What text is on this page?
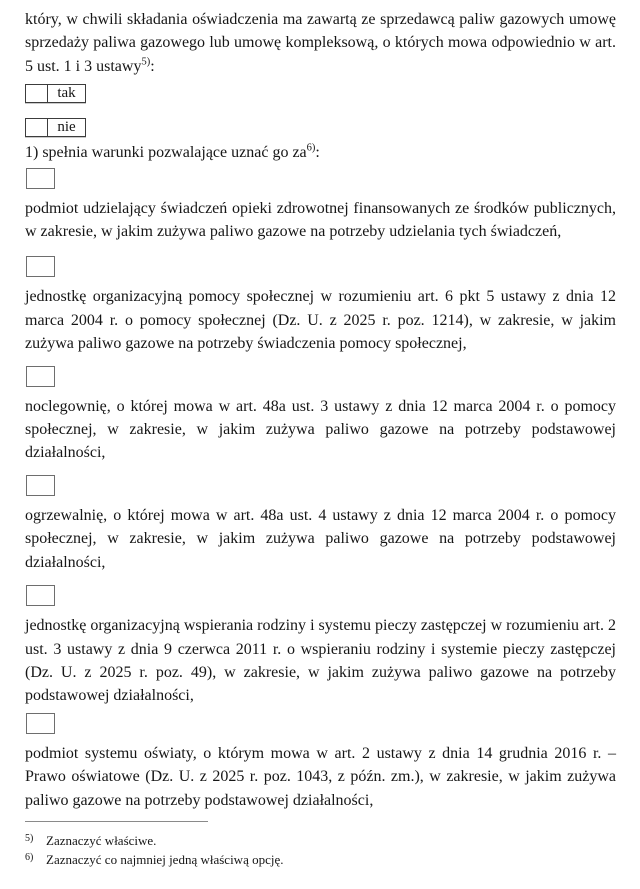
który, w chwili składania oświadczenia ma zawartą ze sprzedawcą paliw gazowych umowę sprzedaży paliwa gazowego lub umowę kompleksową, o których mowa odpowiednio w art. 5 ust. 1 i 3 ustawy$^{5)}$:

tak
nie

1) spełnia warunki pozwalające uznać go za$^{6)}$:

podmiot udzielający świadczeń opieki zdrowotnej finansowanych ze środków publicznych, w zakresie, w jakim zużywa paliwo gazowe na potrzeby udzielania tych świadczeń,

jednostkę organizacyjną pomocy społecznej w rozumieniu art. 6 pkt 5 ustawy z dnia 12 marca 2004 r. o pomocy społecznej (Dz. U. z 2025 r. poz. 1214), w zakresie, w jakim zużywa paliwo gazowe na potrzeby świadczenia pomocy społecznej,

noclegownię, o której mowa w art. 48a ust. 3 ustawy z dnia 12 marca 2004 r. o pomocy społecznej, w zakresie, w jakim zużywa paliwo gazowe na potrzeby podstawowej działalności,

ogrzewalnię, o której mowa w art. 48a ust. 4 ustawy z dnia 12 marca 2004 r. o pomocy społecznej, w zakresie, w jakim zużywa paliwo gazowe na potrzeby podstawowej działalności,

jednostkę organizacyjną wspierania rodziny i systemu pieczy zastępczej w rozumieniu art. 2 ust. 3 ustawy z dnia 9 czerwca 2011 r. o wspieraniu rodziny i systemie pieczy zastępczej (Dz. U. z 2025 r. poz. 49), w zakresie, w jakim zużywa paliwo gazowe na potrzeby podstawowej działalności,

podmiot systemu oświaty, o którym mowa w art. 2 ustawy z dnia 14 grudnia 2016 r. – Prawo oświatowe (Dz. U. z 2025 r. poz. 1043, z późn. zm.), w zakresie, w jakim zużywa paliwo gazowe na potrzeby podstawowej działalności,

5) Zaznaczyć właściwe.
6) Zaznaczyć co najmniej jedną właściwą opcję.
